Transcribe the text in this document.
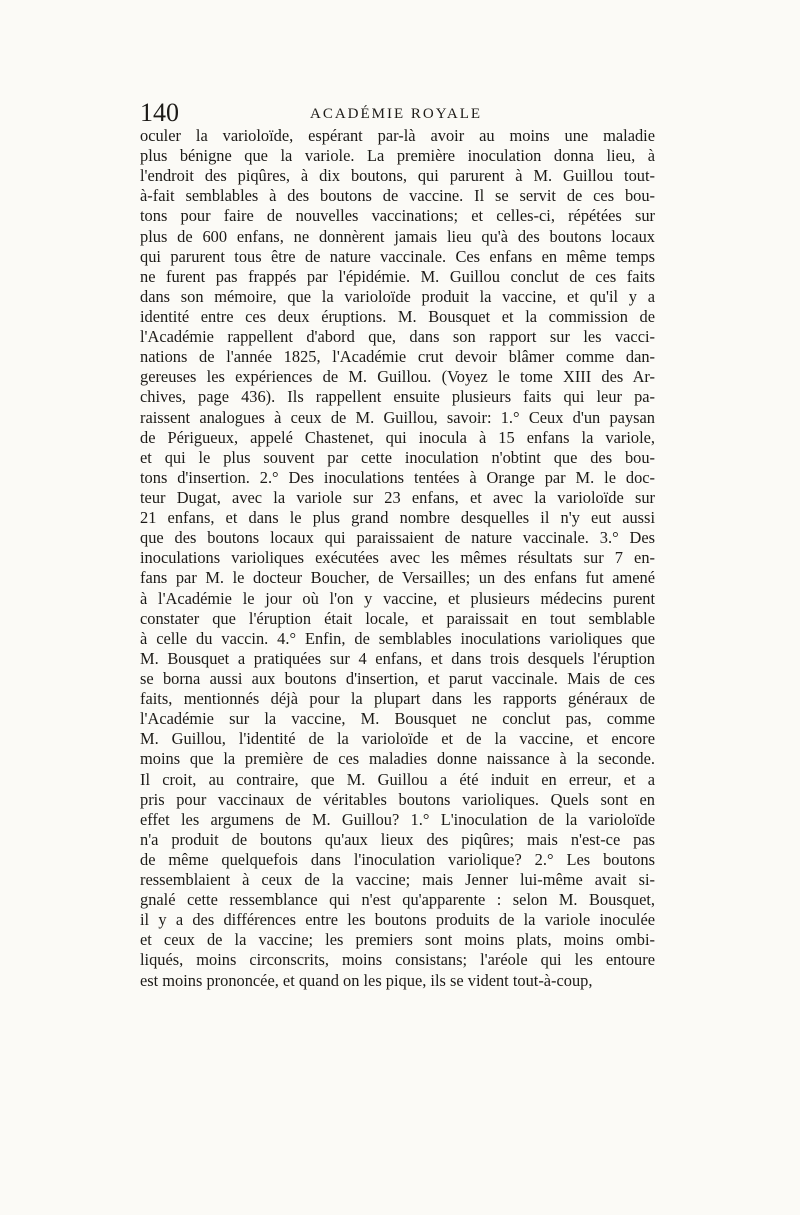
140	ACADÉMIE ROYALE
oculer la varioloïde, espérant par-là avoir au moins une maladie
plus bénigne que la variole. La première inoculation donna lieu, à
l'endroit des piqûres, à dix boutons, qui parurent à M. Guillou tout-
à-fait semblables à des boutons de vaccine. Il se servit de ces bou-
tons pour faire de nouvelles vaccinations; et celles-ci, répétées sur
plus de 600 enfans, ne donnèrent jamais lieu qu'à des boutons locaux
qui parurent tous être de nature vaccinale. Ces enfans en même temps
ne furent pas frappés par l'épidémie. M. Guillou conclut de ces faits
dans son mémoire, que la varioloïde produit la vaccine, et qu'il y a
identité entre ces deux éruptions. M. Bousquet et la commission de
l'Académie rappellent d'abord que, dans son rapport sur les vacci-
nations de l'année 1825, l'Académie crut devoir blâmer comme dan-
gereuses les expériences de M. Guillou. (Voyez le tome XIII des Ar-
chives, page 436). Ils rappellent ensuite plusieurs faits qui leur pa-
raissent analogues à ceux de M. Guillou, savoir: 1.° Ceux d'un paysan
de Périgueux, appelé Chastenet, qui inocula à 15 enfans la variole,
et qui le plus souvent par cette inoculation n'obtint que des bou-
tons d'insertion. 2.° Des inoculations tentées à Orange par M. le doc-
teur Dugat, avec la variole sur 23 enfans, et avec la varioloïde sur
21 enfans, et dans le plus grand nombre desquelles il n'y eut aussi
que des boutons locaux qui paraissaient de nature vaccinale. 3.° Des
inoculations varioliques exécutées avec les mêmes résultats sur 7 en-
fans par M. le docteur Boucher, de Versailles; un des enfans fut amené
à l'Académie le jour où l'on y vaccine, et plusieurs médecins purent
constater que l'éruption était locale, et paraissait en tout semblable
à celle du vaccin. 4.° Enfin, de semblables inoculations varioliques que
M. Bousquet a pratiquées sur 4 enfans, et dans trois desquels l'éruption
se borna aussi aux boutons d'insertion, et parut vaccinale. Mais de ces
faits, mentionnés déjà pour la plupart dans les rapports généraux de
l'Académie sur la vaccine, M. Bousquet ne conclut pas, comme
M. Guillou, l'identité de la varioloïde et de la vaccine, et encore
moins que la première de ces maladies donne naissance à la seconde.
Il croit, au contraire, que M. Guillou a été induit en erreur, et a
pris pour vaccinaux de véritables boutons varioliques. Quels sont en
effet les argumens de M. Guillou? 1.° L'inoculation de la varioloïde
n'a produit de boutons qu'aux lieux des piqûres; mais n'est-ce pas
de même quelquefois dans l'inoculation variolique? 2.° Les boutons
ressemblaient à ceux de la vaccine; mais Jenner lui-même avait si-
gnalé cette ressemblance qui n'est qu'apparente : selon M. Bousquet,
il y a des différences entre les boutons produits de la variole inoculée
et ceux de la vaccine; les premiers sont moins plats, moins ombi-
liqués, moins circonscrits, moins consistans; l'aréole qui les entoure
est moins prononcée, et quand on les pique, ils se vident tout-à-coup,
